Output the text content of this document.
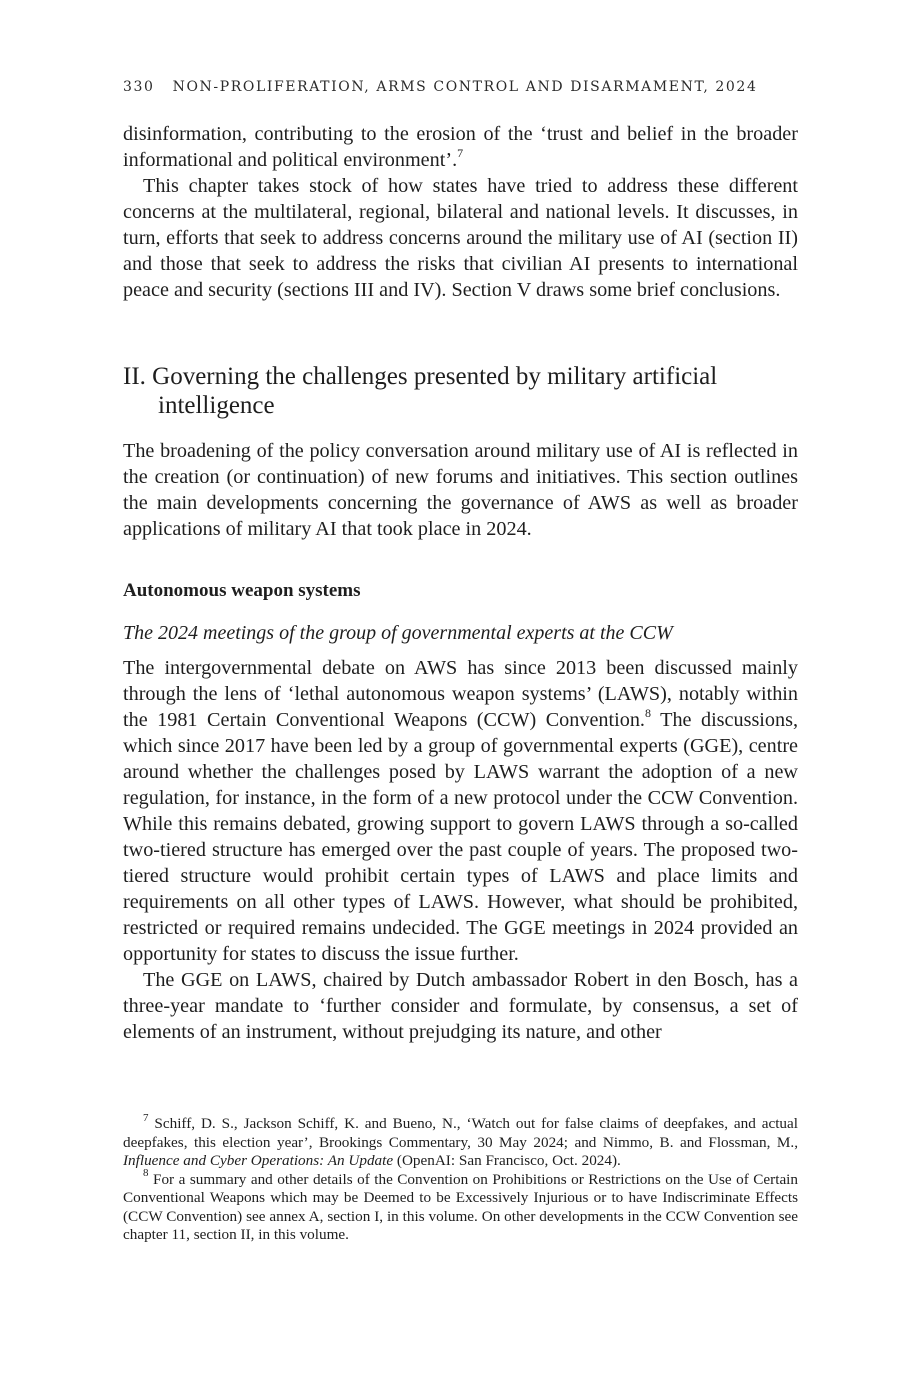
330 NON-PROLIFERATION, ARMS CONTROL AND DISARMAMENT, 2024

disinformation, contributing to the erosion of the ‘trust and belief in the broader informational and political environment’.$^7$

This chapter takes stock of how states have tried to address these different concerns at the multilateral, regional, bilateral and national levels. It discusses, in turn, efforts that seek to address concerns around the military use of AI (section II) and those that seek to address the risks that civilian AI presents to international peace and security (sections III and IV). Section V draws some brief conclusions.

II. Governing the challenges presented by military artificial intelligence

The broadening of the policy conversation around military use of AI is reflected in the creation (or continuation) of new forums and initiatives. This section outlines the main developments concerning the governance of AWS as well as broader applications of military AI that took place in 2024.

Autonomous weapon systems

The 2024 meetings of the group of governmental experts at the CCW

The intergovernmental debate on AWS has since 2013 been discussed mainly through the lens of ‘lethal autonomous weapon systems’ (LAWS), notably within the 1981 Certain Conventional Weapons (CCW) Convention.$^8$ The discussions, which since 2017 have been led by a group of governmental experts (GGE), centre around whether the challenges posed by LAWS warrant the adoption of a new regulation, for instance, in the form of a new protocol under the CCW Convention. While this remains debated, growing support to govern LAWS through a so-called two-tiered structure has emerged over the past couple of years. The proposed two-tiered structure would prohibit certain types of LAWS and place limits and requirements on all other types of LAWS. However, what should be prohibited, restricted or required remains undecided. The GGE meetings in 2024 provided an opportunity for states to discuss the issue further.

The GGE on LAWS, chaired by Dutch ambassador Robert in den Bosch, has a three-year mandate to ‘further consider and formulate, by consensus, a set of elements of an instrument, without prejudging its nature, and other

$^7$ Schiff, D. S., Jackson Schiff, K. and Bueno, N., ‘Watch out for false claims of deepfakes, and actual deepfakes, this election year’, Brookings Commentary, 30 May 2024; and Nimmo, B. and Flossman, M., Influence and Cyber Operations: An Update (OpenAI: San Francisco, Oct. 2024).

$^8$ For a summary and other details of the Convention on Prohibitions or Restrictions on the Use of Certain Conventional Weapons which may be Deemed to be Excessively Injurious or to have Indiscriminate Effects (CCW Convention) see annex A, section I, in this volume. On other developments in the CCW Convention see chapter 11, section II, in this volume.
